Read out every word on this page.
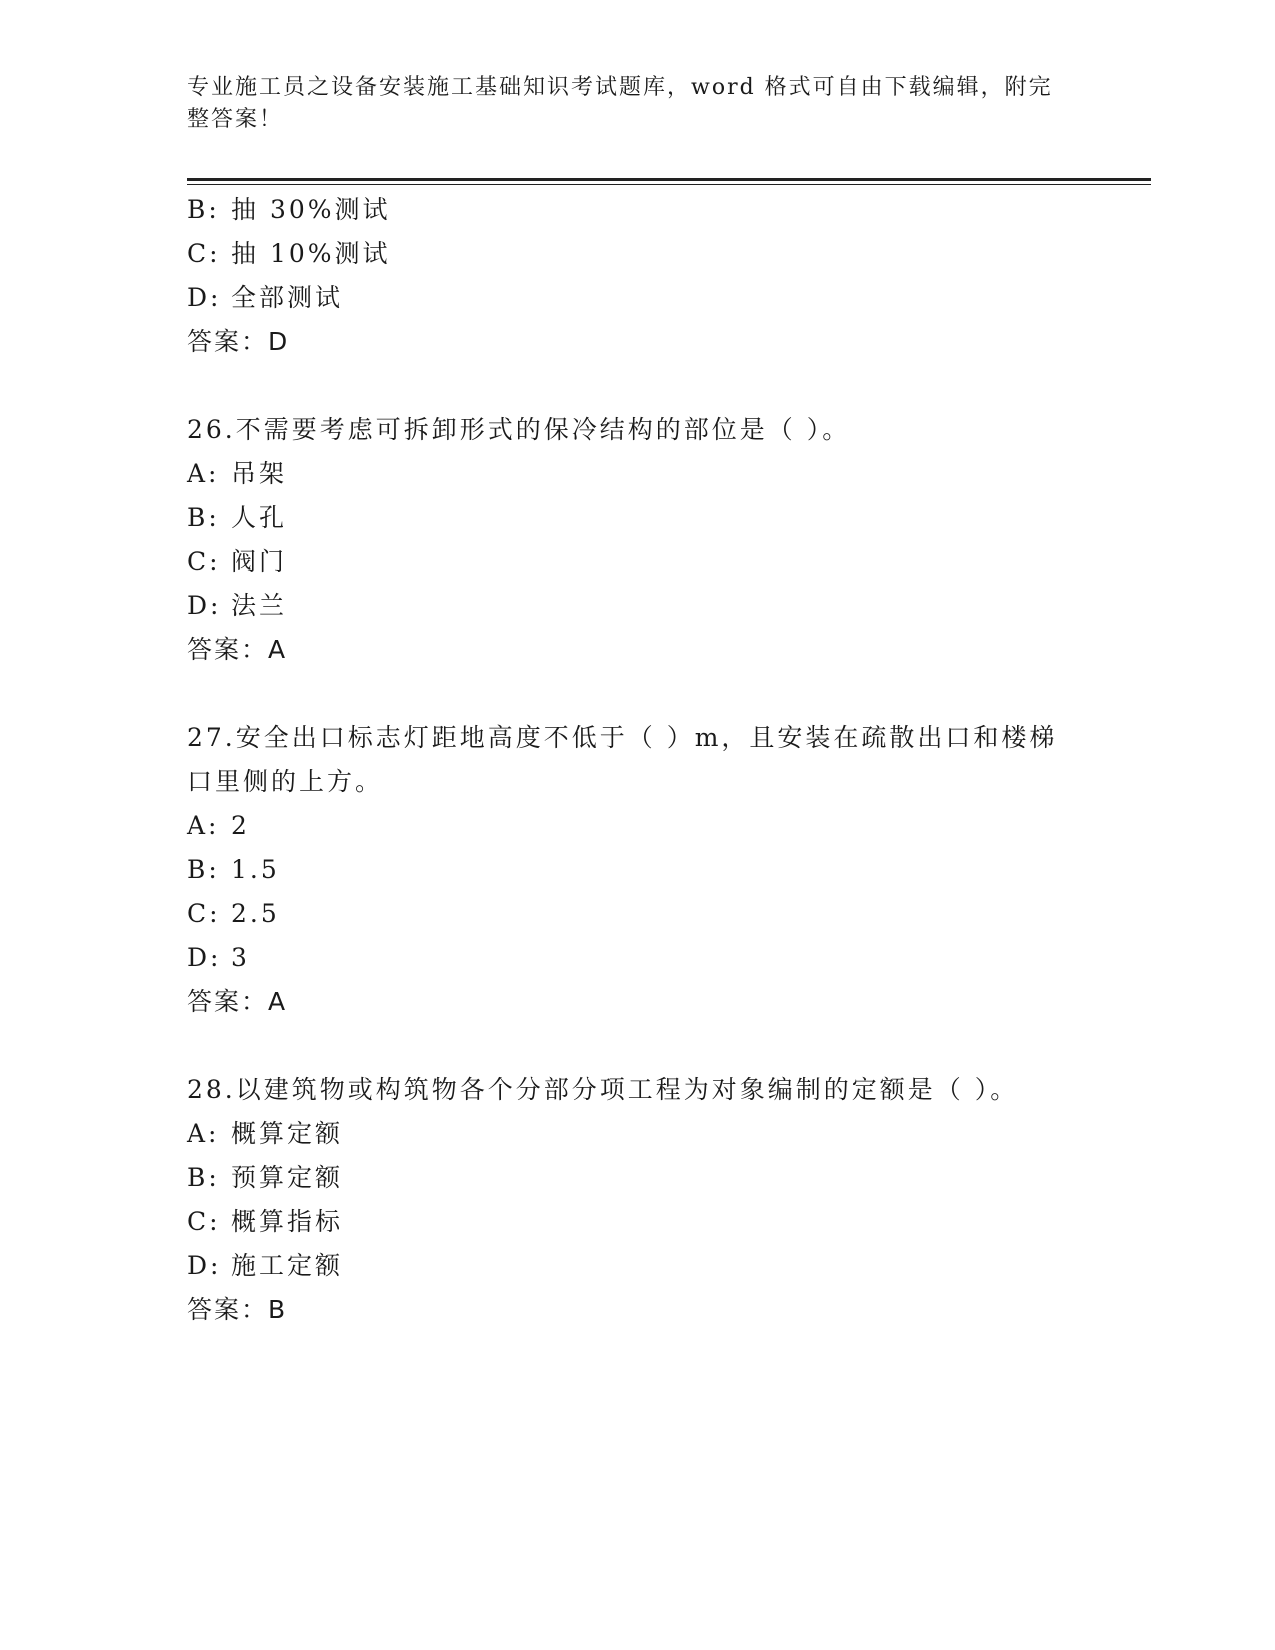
专业施工员之设备安装施工基础知识考试题库，word 格式可自由下载编辑，附完
整答案！
B: 抽 30%测试
C: 抽 10%测试
D: 全部测试
答案：D
26.不需要考虑可拆卸形式的保冷结构的部位是（ ）。
A: 吊架
B: 人孔
C: 阀门
D: 法兰
答案：A
27.安全出口标志灯距地高度不低于（ ）m，且安装在疏散出口和楼梯
口里侧的上方。
A: 2
B: 1.5
C: 2.5
D: 3
答案：A
28.以建筑物或构筑物各个分部分项工程为对象编制的定额是（ ）。
A: 概算定额
B: 预算定额
C: 概算指标
D: 施工定额
答案：B
